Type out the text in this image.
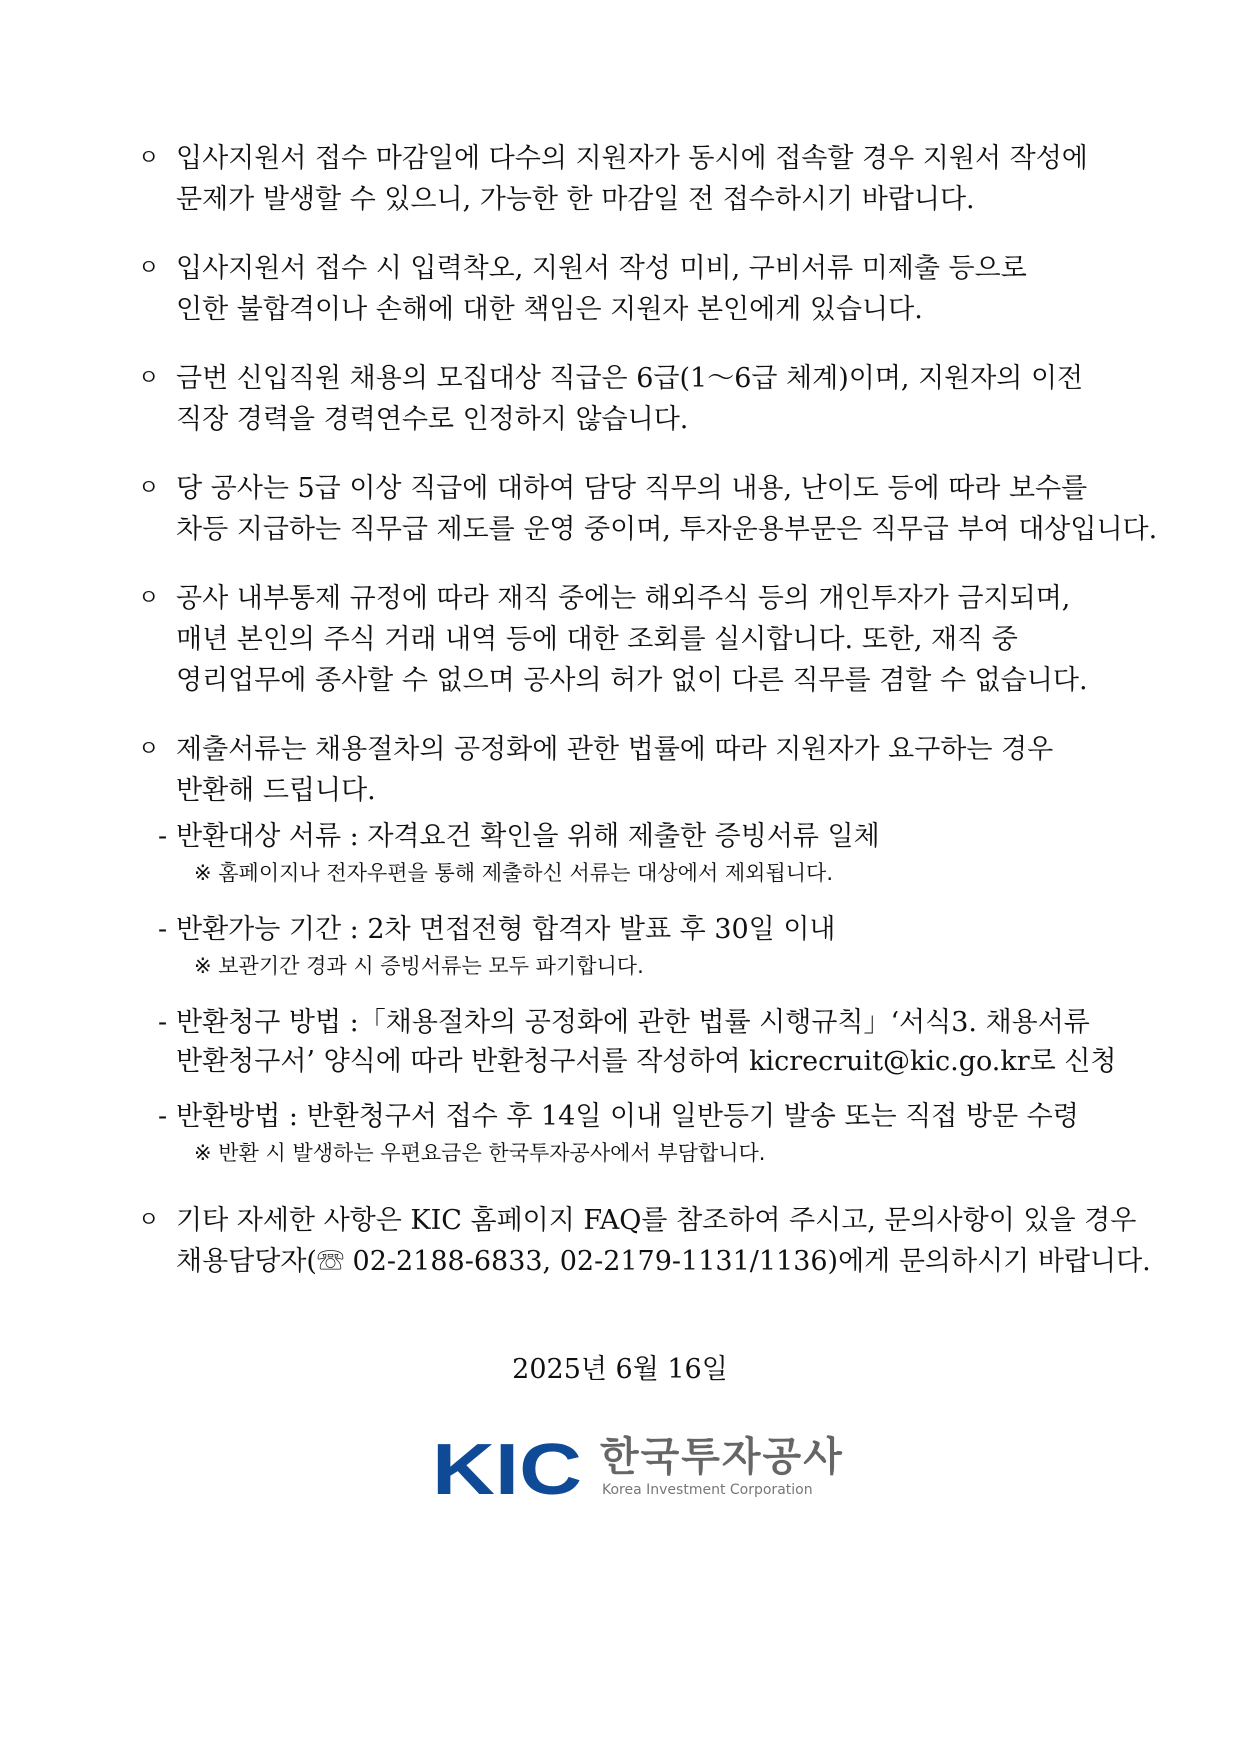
ㅇ 입사지원서 접수 마감일에 다수의 지원자가 동시에 접속할 경우 지원서 작성에
문제가 발생할 수 있으니, 가능한 한 마감일 전 접수하시기 바랍니다.
ㅇ 입사지원서 접수 시 입력착오, 지원서 작성 미비, 구비서류 미제출 등으로
인한 불합격이나 손해에 대한 책임은 지원자 본인에게 있습니다.
ㅇ 금번 신입직원 채용의 모집대상 직급은 6급(1～6급 체계)이며, 지원자의 이전
직장 경력을 경력연수로 인정하지 않습니다.
ㅇ 당 공사는 5급 이상 직급에 대하여 담당 직무의 내용, 난이도 등에 따라 보수를
차등 지급하는 직무급 제도를 운영 중이며, 투자운용부문은 직무급 부여 대상입니다.
ㅇ 공사 내부통제 규정에 따라 재직 중에는 해외주식 등의 개인투자가 금지되며,
매년 본인의 주식 거래 내역 등에 대한 조회를 실시합니다. 또한, 재직 중
영리업무에 종사할 수 없으며 공사의 허가 없이 다른 직무를 겸할 수 없습니다.
ㅇ 제출서류는 채용절차의 공정화에 관한 법률에 따라 지원자가 요구하는 경우
반환해 드립니다.
- 반환대상 서류 : 자격요건 확인을 위해 제출한 증빙서류 일체
※ 홈페이지나 전자우편을 통해 제출하신 서류는 대상에서 제외됩니다.
- 반환가능 기간 : 2차 면접전형 합격자 발표 후 30일 이내
※ 보관기간 경과 시 증빙서류는 모두 파기합니다.
- 반환청구 방법 :「채용절차의 공정화에 관한 법률 시행규칙」‘서식3. 채용서류
반환청구서’ 양식에 따라 반환청구서를 작성하여 kicrecruit@kic.go.kr로 신청
- 반환방법 : 반환청구서 접수 후 14일 이내 일반등기 발송 또는 직접 방문 수령
※ 반환 시 발생하는 우편요금은 한국투자공사에서 부담합니다.
ㅇ 기타 자세한 사항은 KIC 홈페이지 FAQ를 참조하여 주시고, 문의사항이 있을 경우
채용담당자(☏ 02-2188-6833, 02-2179-1131/1136)에게 문의하시기 바랍니다.
2025년 6월 16일
KIC 한국투자공사
Korea Investment Corporation
